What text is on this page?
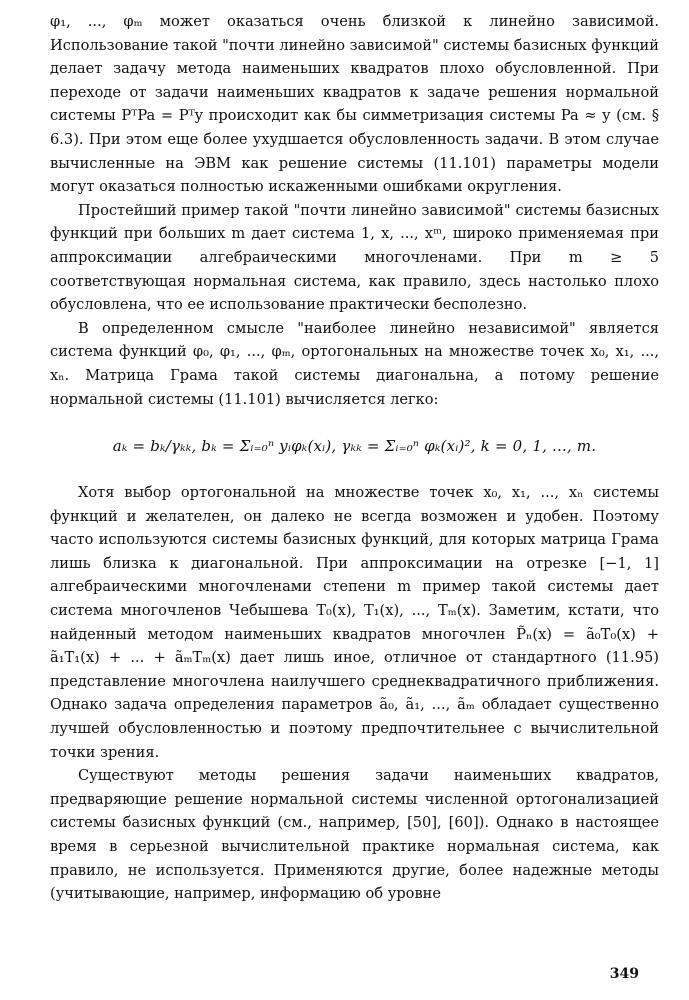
φ₁, ..., φₘ может оказаться очень близкой к линейно зависимой. Использование такой "почти линейно зависимой" системы базисных функций делает задачу метода наименьших квадратов плохо обусловленной. При переходе от задачи наименьших квадратов к задаче решения нормальной системы PᵀPa = Pᵀy происходит как бы симметризация системы Pa ≈ y (см. § 6.3). При этом еще более ухудшается обусловленность задачи. В этом случае вычисленные на ЭВМ как решение системы (11.101) параметры модели могут оказаться полностью искаженными ошибками округления.

Простейший пример такой "почти линейно зависимой" системы базисных функций при больших m дает система 1, x, ..., xᵐ, широко применяемая при аппроксимации алгебраическими многочленами. При m ≥ 5 соответствующая нормальная система, как правило, здесь настолько плохо обусловлена, что ее использование практически бесполезно.

В определенном смысле "наиболее линейно независимой" является система функций φ₀, φ₁, ..., φₘ, ортогональных на множестве точек x₀, x₁, ..., xₙ. Матрица Грама такой системы диагональна, а потому решение нормальной системы (11.101) вычисляется легко:

aₖ = bₖ/γₖₖ, bₖ = Σᵢ₌₀ⁿ yᵢφₖ(xᵢ), γₖₖ = Σᵢ₌₀ⁿ φₖ(xᵢ)², k = 0, 1, ..., m.

Хотя выбор ортогональной на множестве точек x₀, x₁, ..., xₙ системы функций и желателен, он далеко не всегда возможен и удобен. Поэтому часто используются системы базисных функций, для которых матрица Грама лишь близка к диагональной. При аппроксимации на отрезке [−1, 1] алгебраическими многочленами степени m пример такой системы дает система многочленов Чебышева T₀(x), T₁(x), ..., Tₘ(x). Заметим, кстати, что найденный методом наименьших квадратов многочлен P̃ₙ(x) = ã₀T₀(x) + ã₁T₁(x) + ... + ãₘTₘ(x) дает лишь иное, отличное от стандартного (11.95) представление многочлена наилучшего среднеквадратичного приближения. Однако задача определения параметров ã₀, ã₁, ..., ãₘ обладает существенно лучшей обусловленностью и поэтому предпочтительнее с вычислительной точки зрения.

Существуют методы решения задачи наименьших квадратов, предваряющие решение нормальной системы численной ортогонализацией системы базисных функций (см., например, [50], [60]). Однако в настоящее время в серьезной вычислительной практике нормальная система, как правило, не используется. Применяются другие, более надежные методы (учитывающие, например, информацию об уровне

349
